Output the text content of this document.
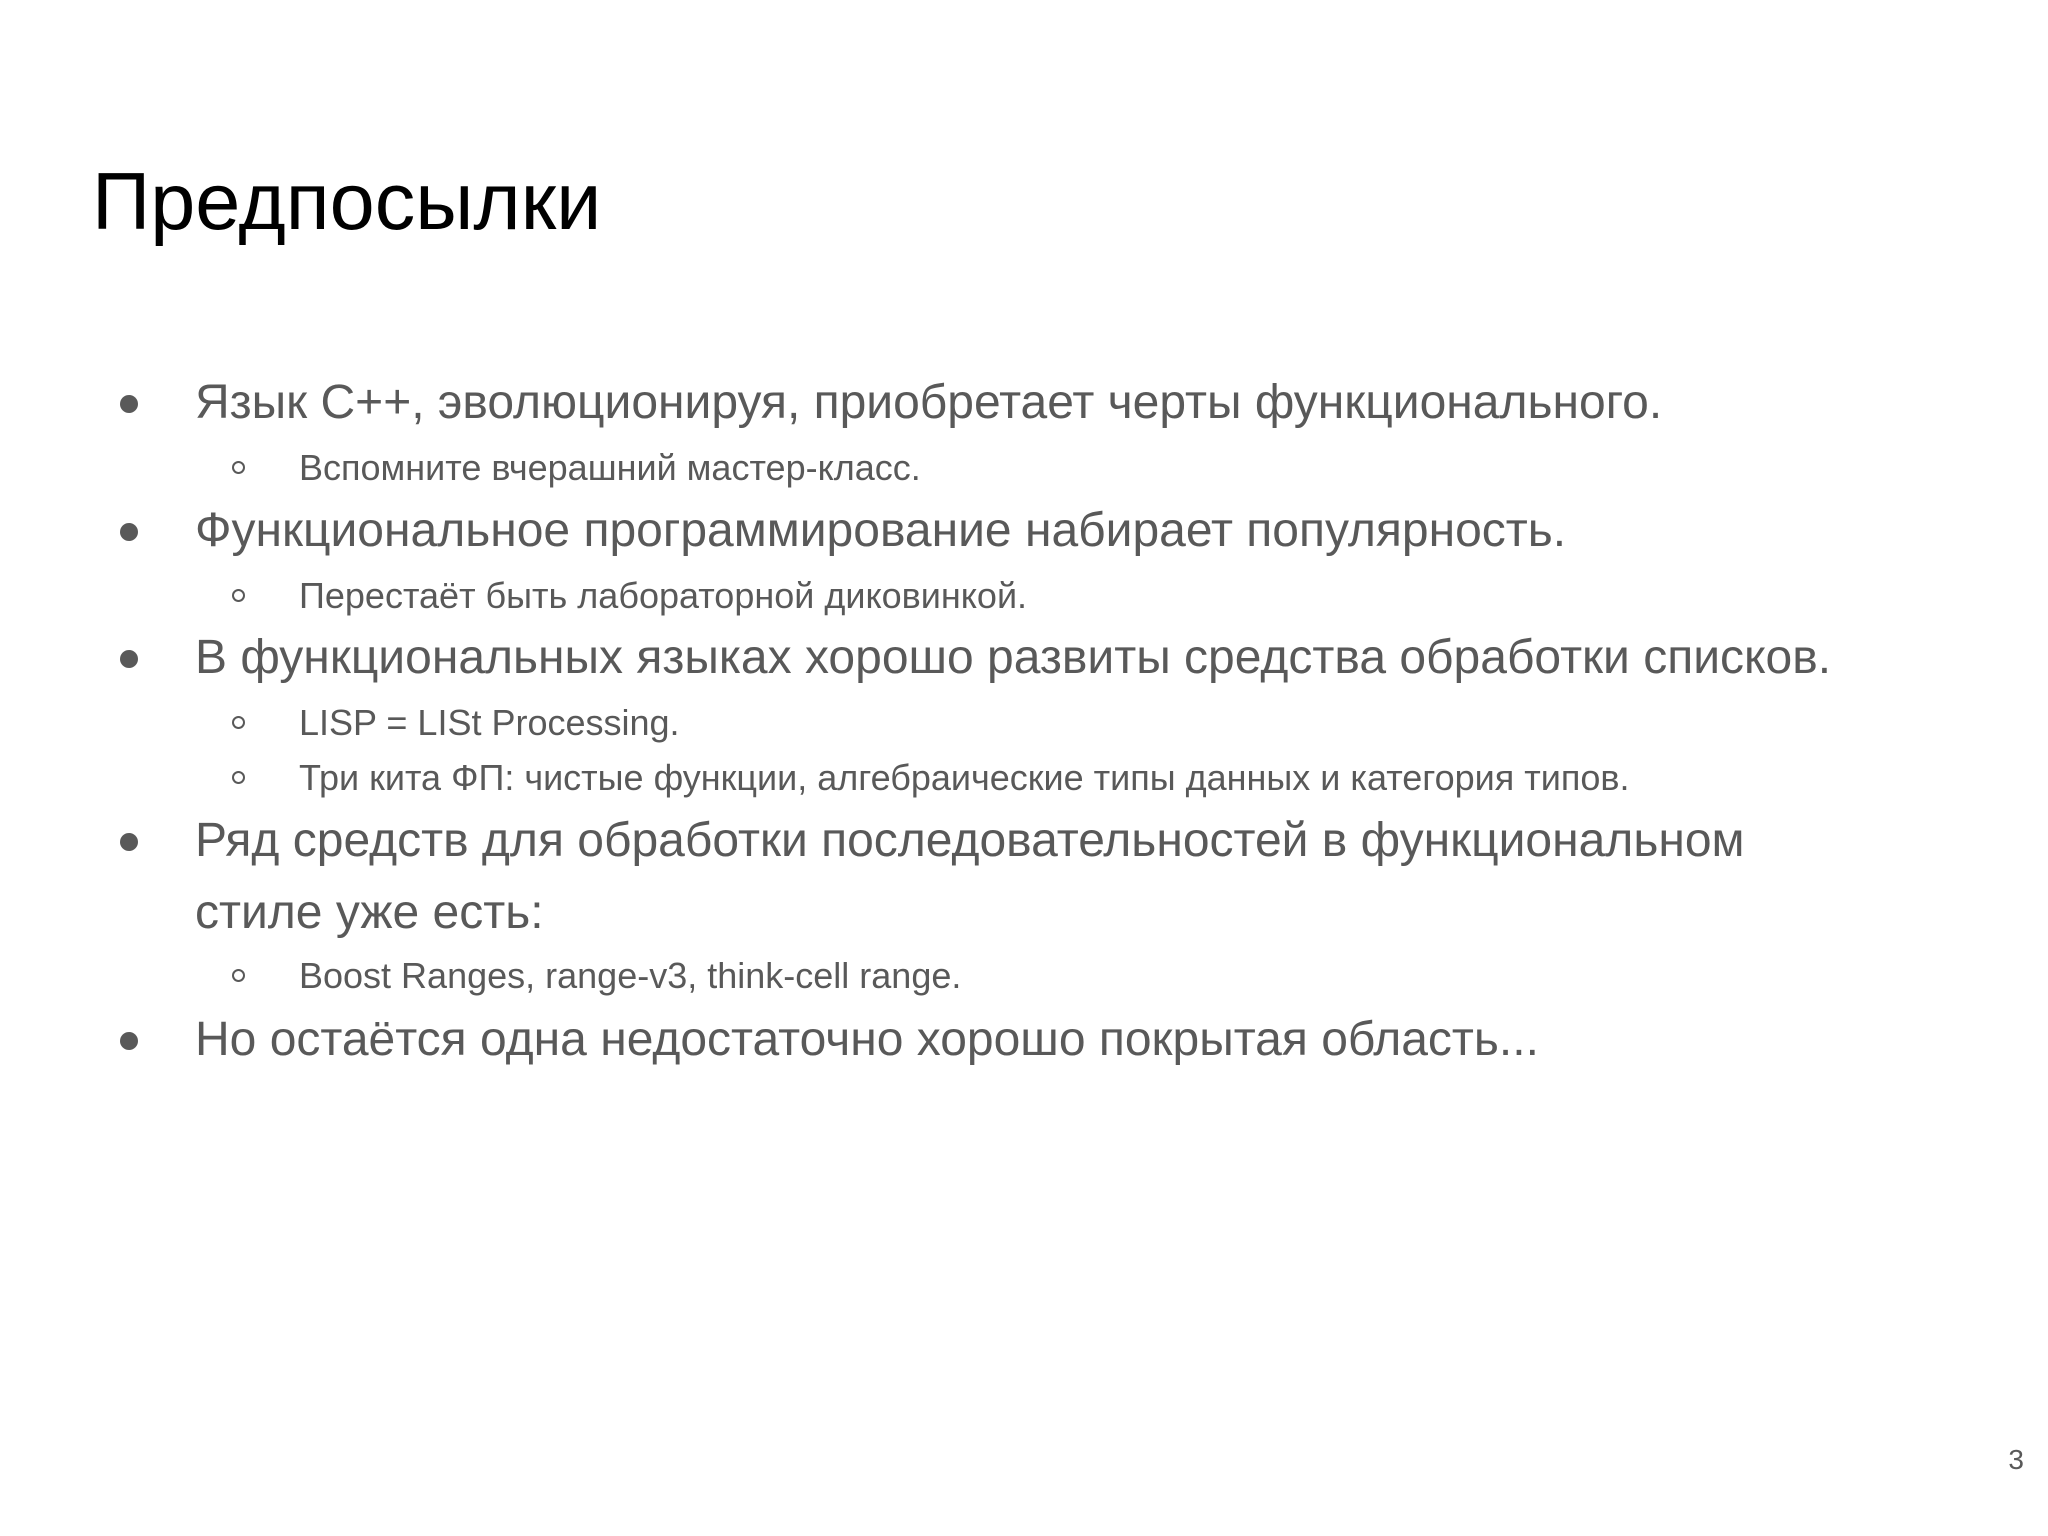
Предпосылки
Язык С++, эволюционируя, приобретает черты функционального.
Вспомните вчерашний мастер-класс.
Функциональное программирование набирает популярность.
Перестаёт быть лабораторной диковинкой.
В функциональных языках хорошо развиты средства обработки списков.
LISP = LISt Processing.
Три кита ФП: чистые функции, алгебраические типы данных и категория типов.
Ряд средств для обработки последовательностей в функциональном
стиле уже есть:
Boost Ranges, range-v3, think-cell range.
Но остаётся одна недостаточно хорошо покрытая область...
3
